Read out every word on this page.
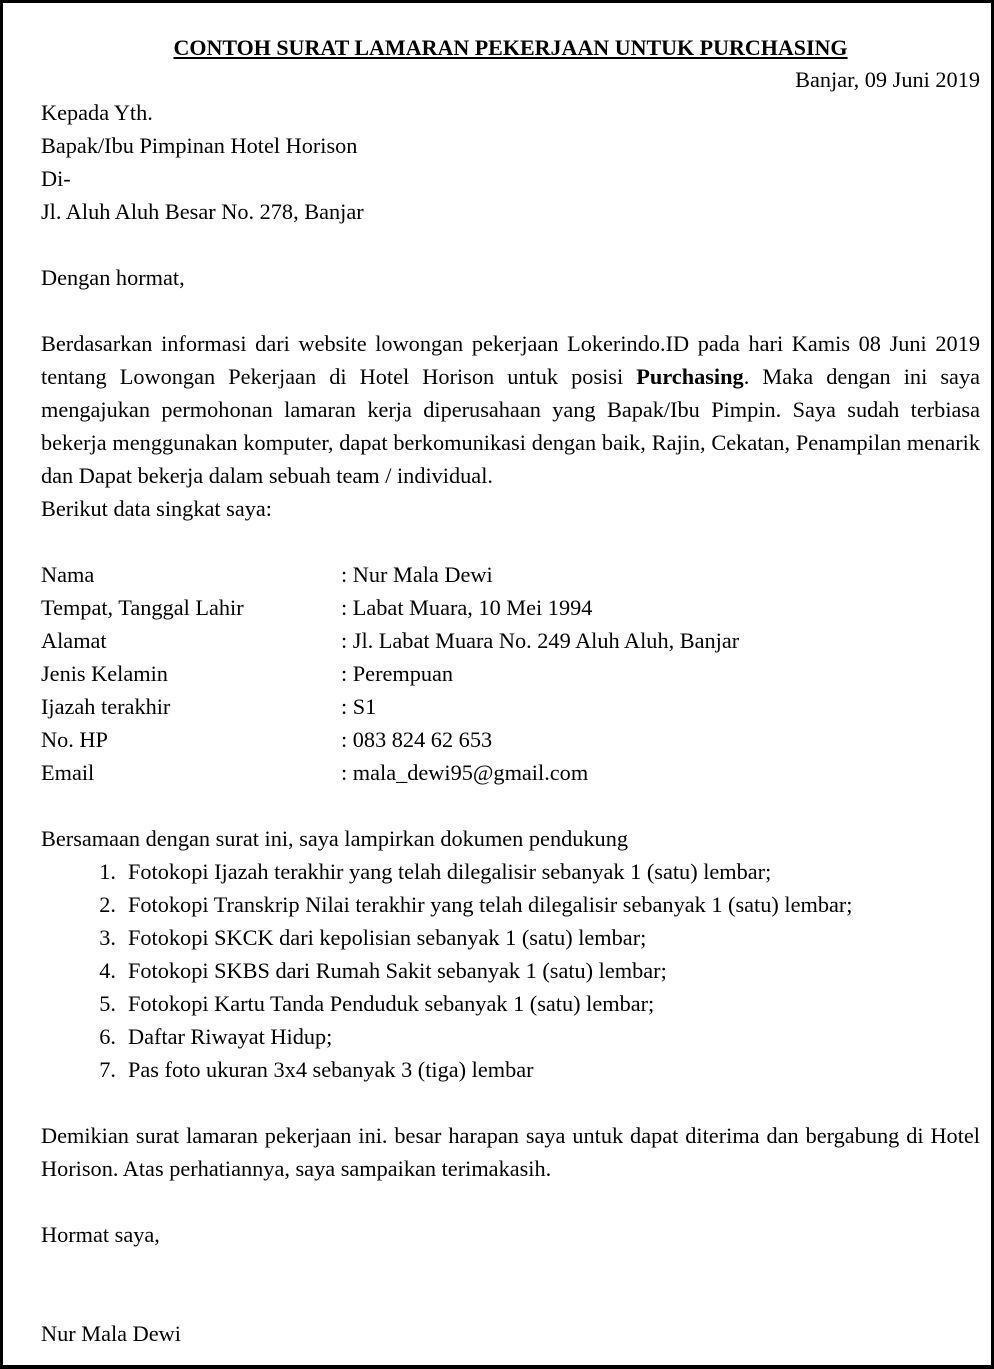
CONTOH SURAT LAMARAN PEKERJAAN UNTUK PURCHASING

Banjar, 09 Juni 2019

Kepada Yth.
Bapak/Ibu Pimpinan Hotel Horison
Di-
Jl. Aluh Aluh Besar No. 278, Banjar
Dengan hormat,

Berdasarkan informasi dari website lowongan pekerjaan Lokerindo.ID pada hari Kamis 08 Juni 2019 tentang Lowongan Pekerjaan di Hotel Horison untuk posisi Purchasing. Maka dengan ini saya mengajukan permohonan lamaran kerja diperusahaan yang Bapak/Ibu Pimpin. Saya sudah terbiasa bekerja menggunakan komputer, dapat berkomunikasi dengan baik, Rajin, Cekatan, Penampilan menarik dan Dapat bekerja dalam sebuah team / individual.

Berikut data singkat saya:
Nama	: Nur Mala Dewi
Tempat, Tanggal Lahir	: Labat Muara, 10 Mei 1994
Alamat	: Jl. Labat Muara No. 249 Aluh Aluh, Banjar
Jenis Kelamin	: Perempuan
Ijazah terakhir	: S1
No. HP	: 083 824 62 653
Email	: mala_dewi95@gmail.com
Bersamaan dengan surat ini, saya lampirkan dokumen pendukung
1. Fotokopi Ijazah terakhir yang telah dilegalisir sebanyak 1 (satu) lembar;
2. Fotokopi Transkrip Nilai terakhir yang telah dilegalisir sebanyak 1 (satu) lembar;
3. Fotokopi SKCK dari kepolisian sebanyak 1 (satu) lembar;
4. Fotokopi SKBS dari Rumah Sakit sebanyak 1 (satu) lembar;
5. Fotokopi Kartu Tanda Penduduk sebanyak 1 (satu) lembar;
6. Daftar Riwayat Hidup;
7. Pas foto ukuran 3x4 sebanyak 3 (tiga) lembar

Demikian surat lamaran pekerjaan ini. besar harapan saya untuk dapat diterima dan bergabung di Hotel Horison. Atas perhatiannya, saya sampaikan terimakasih.

Hormat saya,
Nur Mala Dewi
